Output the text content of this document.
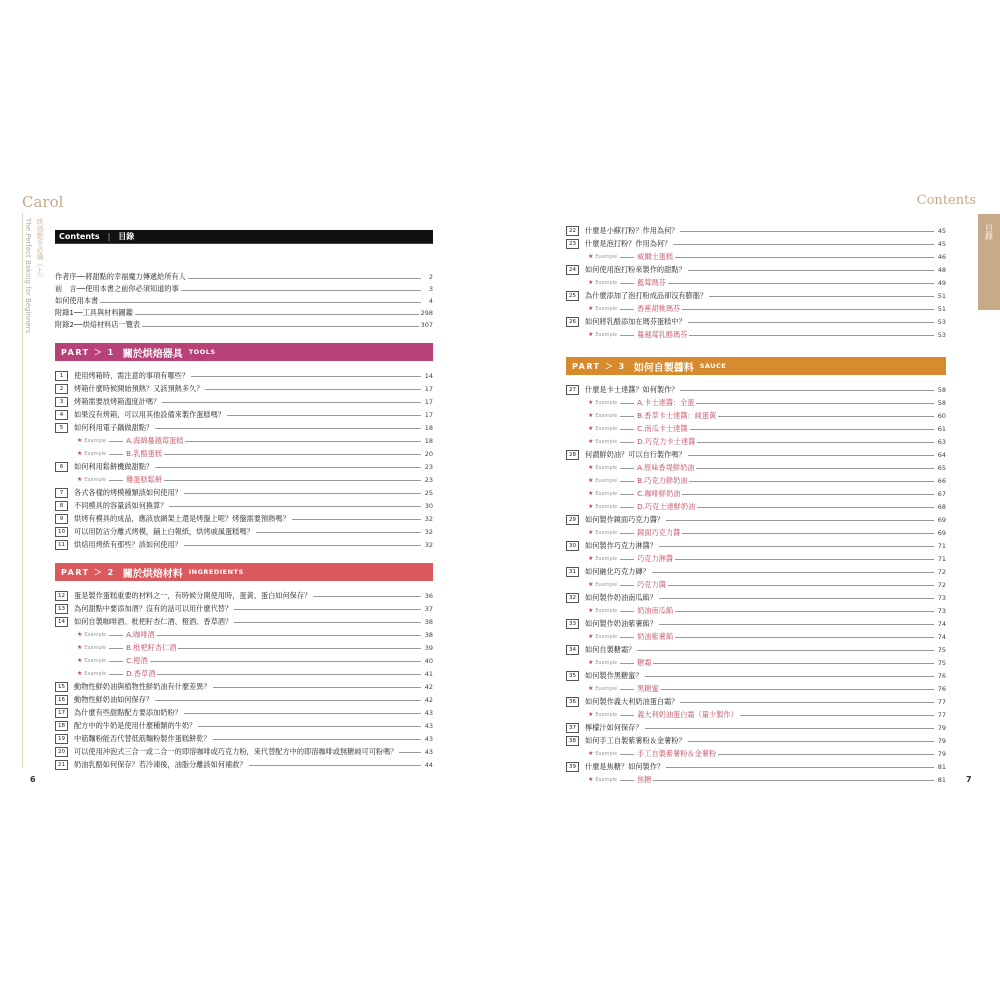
Carol	Contents
The Perfect Baking for Beginners 烘焙新手必備（上）	目錄
6	7
Contents | 目錄
作者序──將甜點的幸福魔力傳遞給所有人	2
前　言──使用本書之前你必須知道的事	3
如何使用本書	4
附錄1──工具與材料圖鑑	298
附錄2──烘焙材料店一覽表	307
PART ＞ 1 關於烘焙器具 TOOLS
1	使用烤箱時，需注意的事項有哪些？	14
2	烤箱什麼時候開始預熱？又該預熱多久？	17
3	烤箱需要放烤箱溫度計嗎？	17
4	如果沒有烤箱，可以用其他設備來製作蛋糕嗎？	17
5	如何利用電子鍋做甜點？	18
★ Example	A.海綿蔓越莓蛋糕	18
★ Example	B.乳酪蛋糕	20
6	如何利用鬆餅機做甜點？	23
★ Example	雞蛋糕鬆餅	23
7	各式各樣的烤模種類該如何使用？	25
8	不同模具的容量該如何換算？	30
9	烘烤有模具的成品，應該放網架上還是烤盤上呢？烤盤需要預熱嗎？	32
10	可以用防沾分離式烤模，鋪上白報紙，烘烤戚風蛋糕嗎？	32
11	烘焙用烤紙有那些？該如何使用？	32
PART ＞ 2 關於烘焙材料 INGREDIENTS
12	蛋是製作蛋糕重要的材料之一，有時候分開使用時，蛋黃、蛋白如何保存？	36
13	為何甜點中要添加酒？沒有的話可以用什麼代替？	37
14	如何自製咖啡酒、枇杷籽杏仁酒、橙酒、香草酒？	38
★ Example	A.咖啡酒	38
★ Example	B.枇杷籽杏仁酒	39
★ Example	C.橙酒	40
★ Example	D.香草酒	41
15	動物性鮮奶油與植物性鮮奶油有什麼差異？	42
16	動物性鮮奶油如何保存？	42
17	為什麼有些甜點配方要添加奶粉？	43
18	配方中的牛奶是使用什麼種類的牛奶？	43
19	中筋麵粉能否代替低筋麵粉製作蛋糕餅乾？	43
20	可以使用沖泡式三合一或二合一的即溶咖啡或巧克力粉，來代替配方中的即溶咖啡或無糖純可可粉嗎？	43
21	奶油乳酪如何保存？若冷凍後，油脂分離該如何補救？	44
22	什麼是小蘇打粉？作用為何？	45
23	什麼是泡打粉？作用為何？	45
★ Example	威爾士蛋糕	46
24	如何使用泡打粉來製作的甜點？	48
★ Example	藍莓瑪芬	49
25	為什麼添加了泡打粉成品卻沒有膨脹？	51
★ Example	香蕉胡桃瑪芬	51
26	如何將乳酪添加在瑪芬蛋糕中？	53
★ Example	蔓越莓乳酪瑪芬	53
PART ＞ 3 如何自製醬料 SAUCE
27	什麼是卡士達醬？如何製作？	58
★ Example	A.卡士達醬：全蛋	58
★ Example	B.香草卡士達醬：純蛋黃	60
★ Example	C.南瓜卡士達醬	61
★ Example	D.巧克力卡士達醬	63
28	何謂鮮奶油？可以自行製作嗎？	64
★ Example	A.原味香堤鮮奶油	65
★ Example	B.巧克力鮮奶油	66
★ Example	C.咖啡鮮奶油	67
★ Example	D.巧克士達鮮奶油	68
29	如何製作鏡面巧克力醬？	69
★ Example	鏡面巧克力醬	69
30	如何製作巧克力淋醬？	71
★ Example	巧克力淋醬	71
31	如何融化巧克力磚？	72
★ Example	巧克力醬	72
32	如何製作奶油南瓜餡？	73
★ Example	奶油南瓜餡	73
33	如何製作奶油紫薯餡？	74
★ Example	奶油紫薯餡	74
34	如何自製糖霜？	75
★ Example	糖霜	75
35	如何製作黑糖蜜？	76
★ Example	黑糖蜜	76
36	如何製作義大利奶油蛋白霜？	77
★ Example	義大利奶油蛋白霜（量少製作）	77
37	檸檬汁如何保存？	79
38	如何手工自製紫薯粉＆金薯粉？	79
★ Example	手工自製紫薯粉＆金薯粉	79
39	什麼是焦糖？如何製作？	81
★ Example	焦糖	81
